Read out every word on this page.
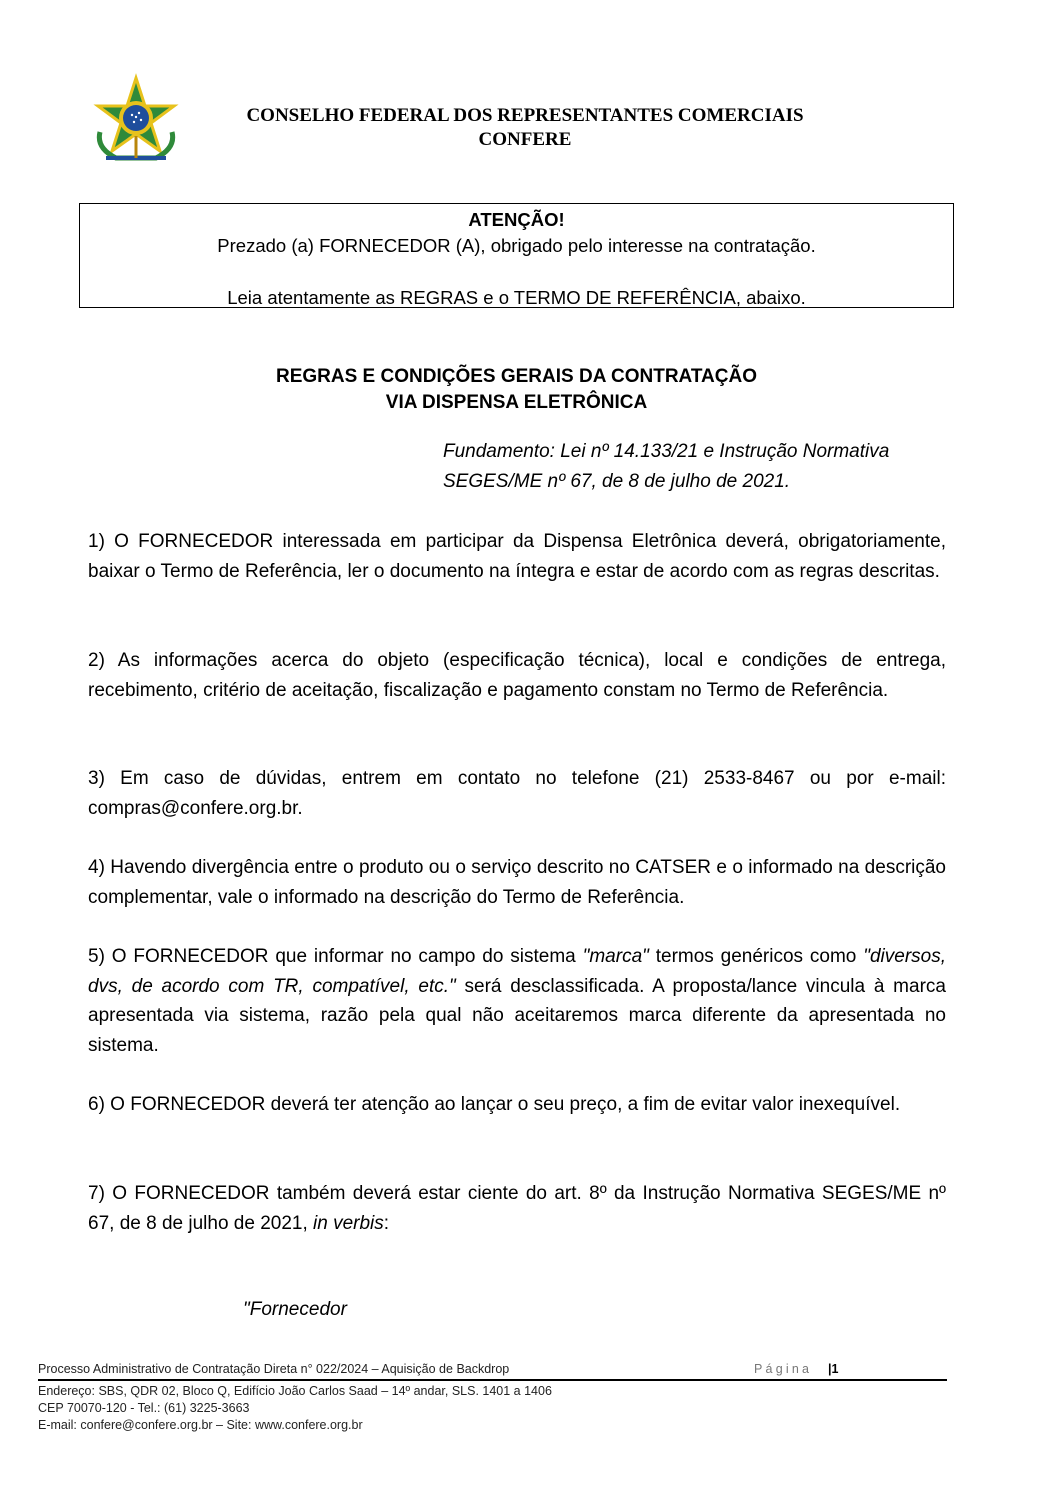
CONSELHO FEDERAL DOS REPRESENTANTES COMERCIAIS
CONFERE
ATENÇÃO!
Prezado (a) FORNECEDOR (A), obrigado pelo interesse na contratação.
Leia atentamente as REGRAS e o TERMO DE REFERÊNCIA, abaixo.
REGRAS E CONDIÇÕES GERAIS DA CONTRATAÇÃO
VIA DISPENSA ELETRÔNICA
Fundamento: Lei nº 14.133/21 e Instrução Normativa SEGES/ME nº 67, de 8 de julho de 2021.
1) O FORNECEDOR interessada em participar da Dispensa Eletrônica deverá, obrigatoriamente, baixar o Termo de Referência, ler o documento na íntegra e estar de acordo com as regras descritas.
2) As informações acerca do objeto (especificação técnica), local e condições de entrega, recebimento, critério de aceitação, fiscalização e pagamento constam no Termo de Referência.
3) Em caso de dúvidas, entrem em contato no telefone (21) 2533-8467 ou por e-mail: compras@confere.org.br.
4) Havendo divergência entre o produto ou o serviço descrito no CATSER e o informado na descrição complementar, vale o informado na descrição do Termo de Referência.
5) O FORNECEDOR que informar no campo do sistema "marca" termos genéricos como "diversos, dvs, de acordo com TR, compatível, etc." será desclassificada. A proposta/lance vincula à marca apresentada via sistema, razão pela qual não aceitaremos marca diferente da apresentada no sistema.
6) O FORNECEDOR deverá ter atenção ao lançar o seu preço, a fim de evitar valor inexequível.
7) O FORNECEDOR também deverá estar ciente do art. 8º da Instrução Normativa SEGES/ME nº 67, de 8 de julho de 2021, in verbis:
"Fornecedor
Processo Administrativo de Contratação Direta n° 022/2024 – Aquisição de Backdrop	Página |1
Endereço: SBS, QDR 02, Bloco Q, Edifício João Carlos Saad – 14º andar, SLS. 1401 a 1406
CEP 70070-120 - Tel.: (61) 3225-3663
E-mail: confere@confere.org.br – Site: www.confere.org.br
